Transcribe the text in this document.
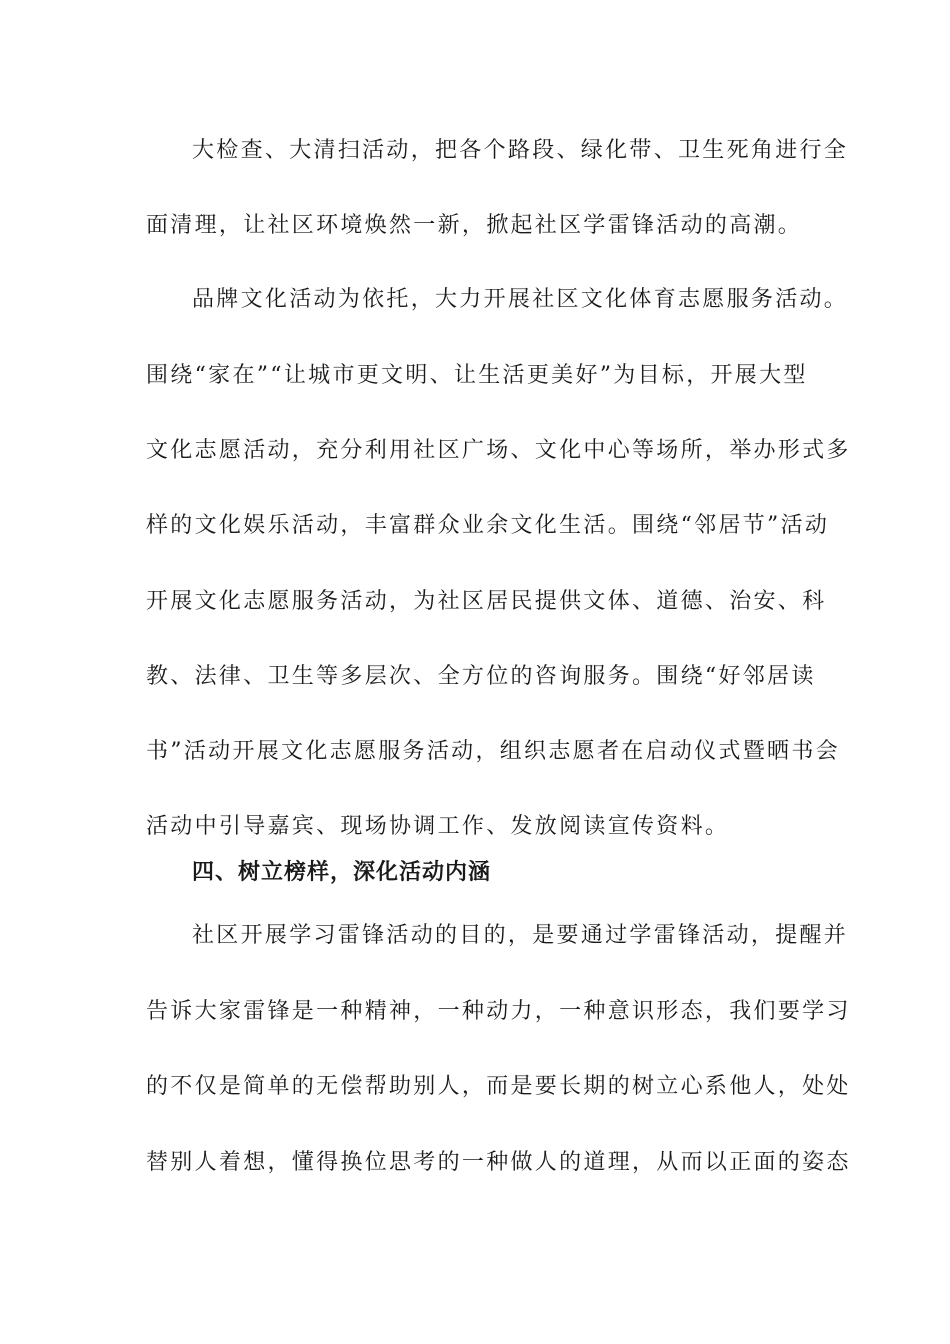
大检查、大清扫活动，把各个路段、绿化带、卫生死角进行全
面清理，让社区环境焕然一新，掀起社区学雷锋活动的高潮。
品牌文化活动为依托，大力开展社区文化体育志愿服务活动。
围绕“家在”“让城市更文明、让生活更美好”为目标，开展大型
文化志愿活动，充分利用社区广场、文化中心等场所，举办形式多
样的文化娱乐活动，丰富群众业余文化生活。围绕“邻居节”活动
开展文化志愿服务活动，为社区居民提供文体、道德、治安、科
教、法律、卫生等多层次、全方位的咨询服务。围绕“好邻居读
书”活动开展文化志愿服务活动，组织志愿者在启动仪式暨晒书会
活动中引导嘉宾、现场协调工作、发放阅读宣传资料。
四、树立榜样，深化活动内涵
社区开展学习雷锋活动的目的，是要通过学雷锋活动，提醒并
告诉大家雷锋是一种精神，一种动力，一种意识形态，我们要学习
的不仅是简单的无偿帮助别人，而是要长期的树立心系他人，处处
替别人着想，懂得换位思考的一种做人的道理，从而以正面的姿态
